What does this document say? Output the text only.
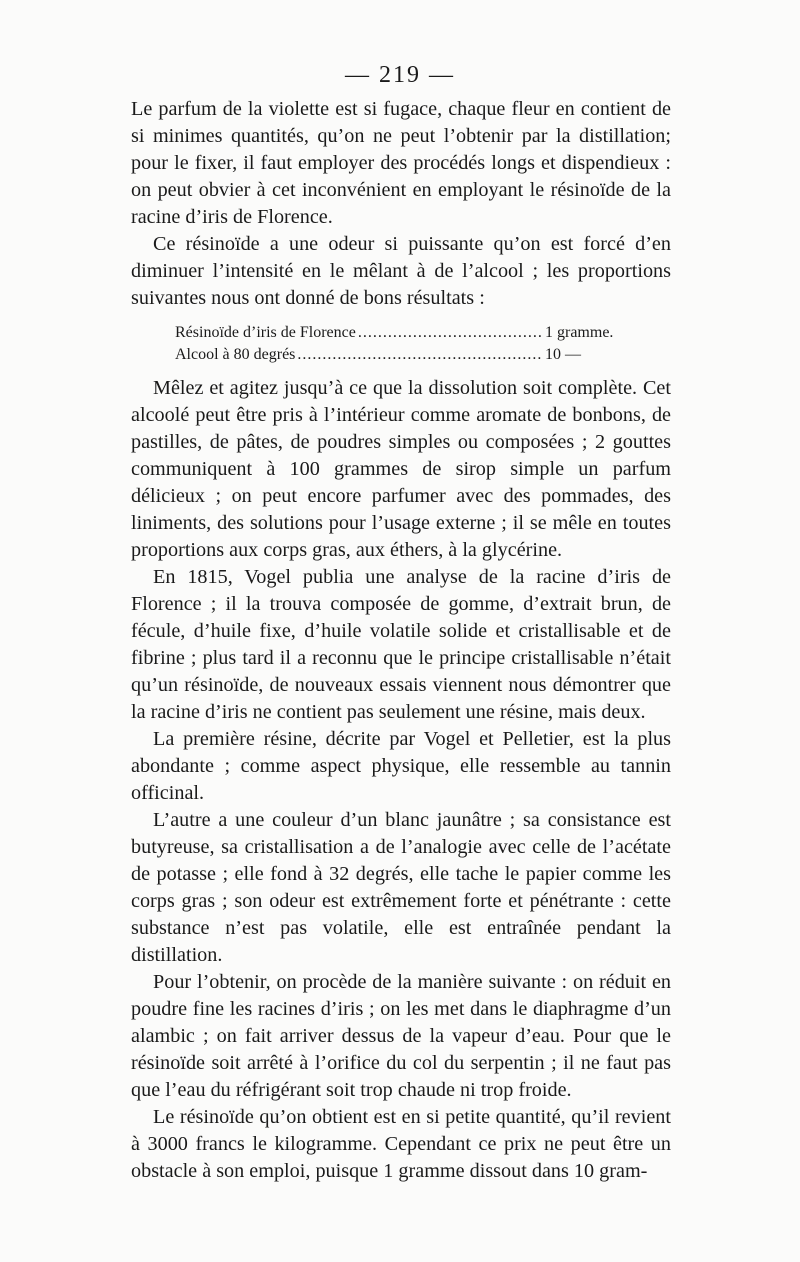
— 219 —

Le parfum de la violette est si fugace, chaque fleur en contient de si minimes quantités, qu’on ne peut l’obtenir par la distillation; pour le fixer, il faut employer des procédés longs et dispendieux : on peut obvier à cet inconvénient en employant le résinoïde de la racine d’iris de Florence.

Ce résinoïde a une odeur si puissante qu’on est forcé d’en diminuer l’intensité en le mêlant à de l’alcool ; les proportions suivantes nous ont donné de bons résultats :

Résinoïde d’iris de Florence .....	1 gramme.
Alcool à 80 degrés .....	10 —

Mêlez et agitez jusqu’à ce que la dissolution soit complète. Cet alcoolé peut être pris à l’intérieur comme aromate de bonbons, de pastilles, de pâtes, de poudres simples ou composées ; 2 gouttes communiquent à 100 grammes de sirop simple un parfum délicieux ; on peut encore parfumer avec des pommades, des liniments, des solutions pour l’usage externe ; il se mêle en toutes proportions aux corps gras, aux éthers, à la glycérine.

En 1815, Vogel publia une analyse de la racine d’iris de Florence ; il la trouva composée de gomme, d’extrait brun, de fécule, d’huile fixe, d’huile volatile solide et cristallisable et de fibrine ; plus tard il a reconnu que le principe cristallisable n’était qu’un résinoïde, de nouveaux essais viennent nous démontrer que la racine d’iris ne contient pas seulement une résine, mais deux.

La première résine, décrite par Vogel et Pelletier, est la plus abondante ; comme aspect physique, elle ressemble au tannin officinal.

L’autre a une couleur d’un blanc jaunâtre ; sa consistance est butyreuse, sa cristallisation a de l’analogie avec celle de l’acétate de potasse ; elle fond à 32 degrés, elle tache le papier comme les corps gras ; son odeur est extrêmement forte et pénétrante : cette substance n’est pas volatile, elle est entraînée pendant la distillation.

Pour l’obtenir, on procède de la manière suivante : on réduit en poudre fine les racines d’iris ; on les met dans le diaphragme d’un alambic ; on fait arriver dessus de la vapeur d’eau. Pour que le résinoïde soit arrêté à l’orifice du col du serpentin ; il ne faut pas que l’eau du réfrigérant soit trop chaude ni trop froide.

Le résinoïde qu’on obtient est en si petite quantité, qu’il revient à 3000 francs le kilogramme. Cependant ce prix ne peut être un obstacle à son emploi, puisque 1 gramme dissout dans 10 gram-
